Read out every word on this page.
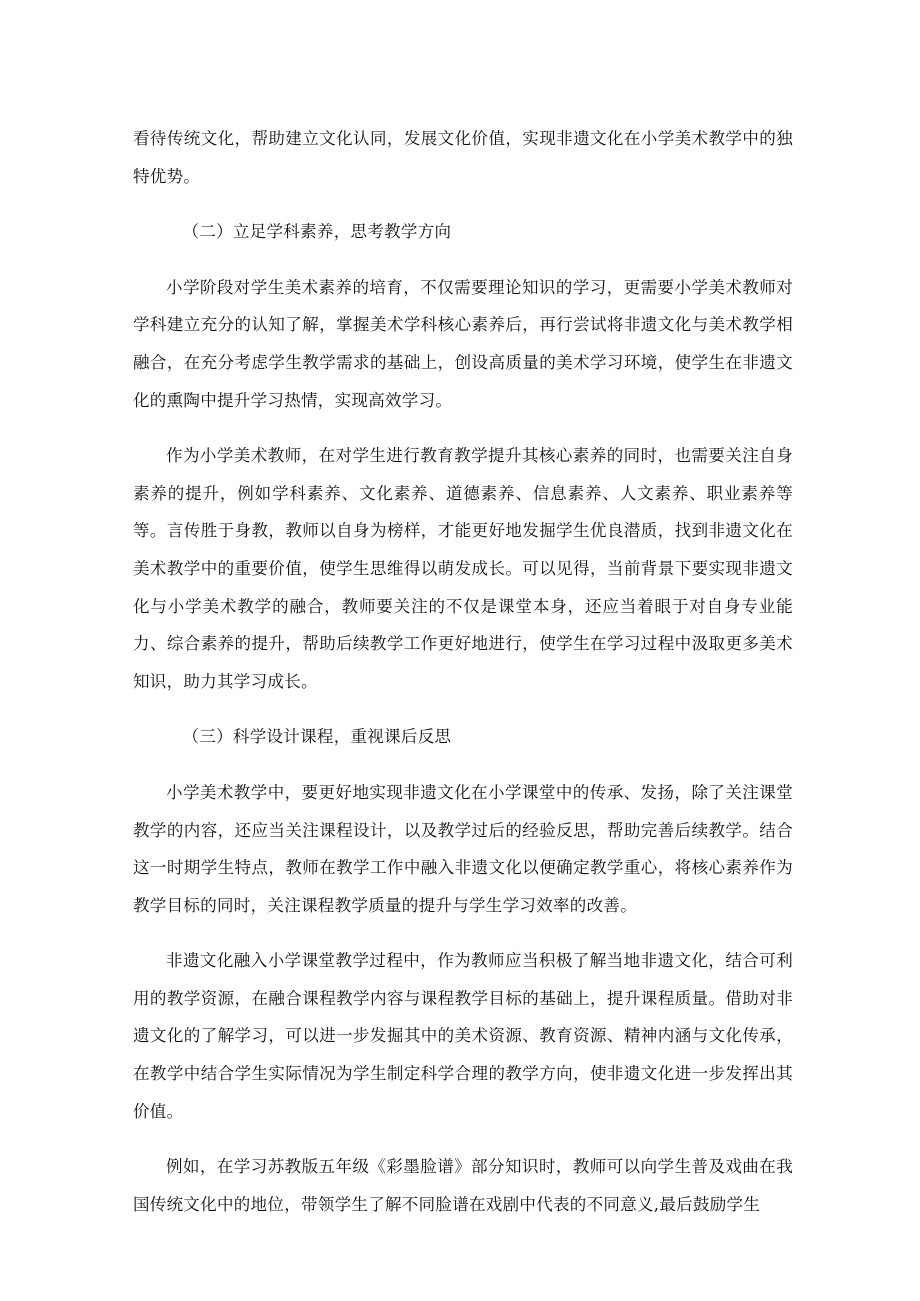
看待传统文化，帮助建立文化认同，发展文化价值，实现非遗文化在小学美术教学中的独特优势。

（二）立足学科素养，思考教学方向

小学阶段对学生美术素养的培育，不仅需要理论知识的学习，更需要小学美术教师对学科建立充分的认知了解，掌握美术学科核心素养后，再行尝试将非遗文化与美术教学相融合，在充分考虑学生教学需求的基础上，创设高质量的美术学习环境，使学生在非遗文化的熏陶中提升学习热情，实现高效学习。

作为小学美术教师，在对学生进行教育教学提升其核心素养的同时，也需要关注自身素养的提升，例如学科素养、文化素养、道德素养、信息素养、人文素养、职业素养等等。言传胜于身教，教师以自身为榜样，才能更好地发掘学生优良潜质，找到非遗文化在美术教学中的重要价值，使学生思维得以萌发成长。可以见得，当前背景下要实现非遗文化与小学美术教学的融合，教师要关注的不仅是课堂本身，还应当着眼于对自身专业能力、综合素养的提升，帮助后续教学工作更好地进行，使学生在学习过程中汲取更多美术知识，助力其学习成长。

（三）科学设计课程，重视课后反思

小学美术教学中，要更好地实现非遗文化在小学课堂中的传承、发扬，除了关注课堂教学的内容，还应当关注课程设计，以及教学过后的经验反思，帮助完善后续教学。结合这一时期学生特点，教师在教学工作中融入非遗文化以便确定教学重心，将核心素养作为教学目标的同时，关注课程教学质量的提升与学生学习效率的改善。

非遗文化融入小学课堂教学过程中，作为教师应当积极了解当地非遗文化，结合可利用的教学资源，在融合课程教学内容与课程教学目标的基础上，提升课程质量。借助对非遗文化的了解学习，可以进一步发掘其中的美术资源、教育资源、精神内涵与文化传承，在教学中结合学生实际情况为学生制定科学合理的教学方向，使非遗文化进一步发挥出其价值。

例如，在学习苏教版五年级《彩墨脸谱》部分知识时，教师可以向学生普及戏曲在我国传统文化中的地位，带领学生了解不同脸谱在戏剧中代表的不同意义,最后鼓励学生
